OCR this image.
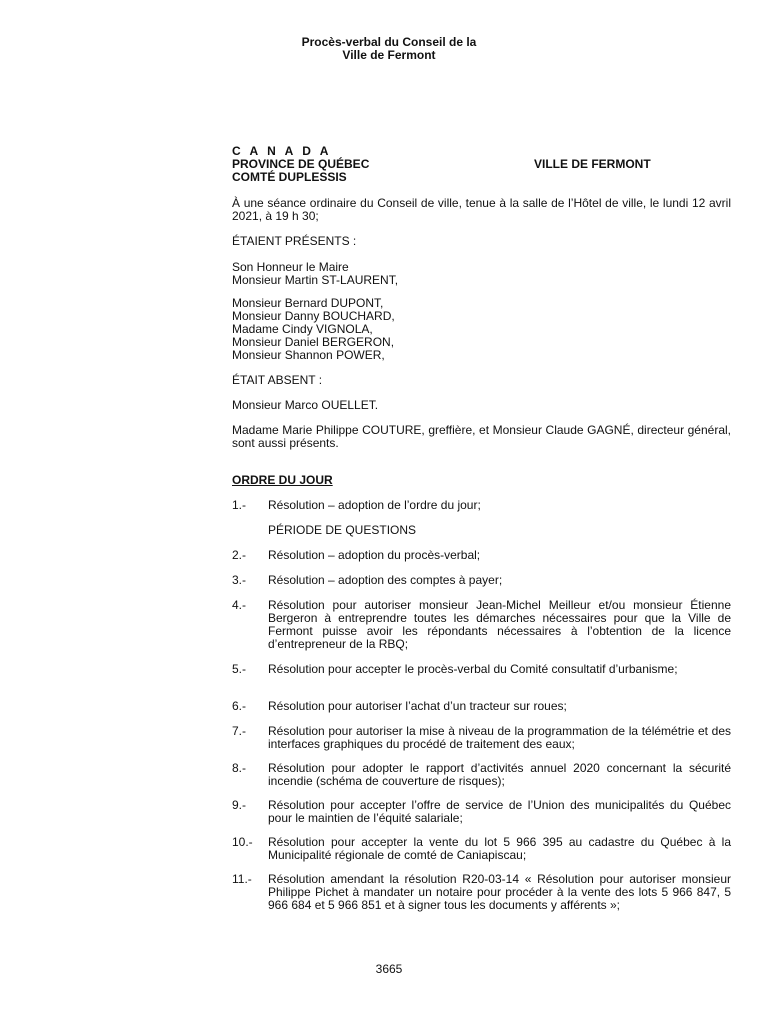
Procès-verbal du Conseil de la
Ville de Fermont
C A N A D A
PROVINCE DE QUÉBEC	VILLE DE FERMONT
COMTÉ DUPLESSIS
À une séance ordinaire du Conseil de ville, tenue à la salle de l’Hôtel de ville, le lundi 12 avril 2021, à 19 h 30;
ÉTAIENT PRÉSENTS :
Son Honneur le Maire
Monsieur Martin ST-LAURENT,
Monsieur Bernard DUPONT,
Monsieur Danny BOUCHARD,
Madame Cindy VIGNOLA,
Monsieur Daniel BERGERON,
Monsieur Shannon POWER,
ÉTAIT ABSENT :
Monsieur Marco OUELLET.
Madame Marie Philippe COUTURE, greffière, et Monsieur Claude GAGNÉ, directeur général, sont aussi présents.
ORDRE DU JOUR
1.- Résolution – adoption de l’ordre du jour;
PÉRIODE DE QUESTIONS
2.- Résolution – adoption du procès-verbal;
3.- Résolution – adoption des comptes à payer;
4.- Résolution pour autoriser monsieur Jean-Michel Meilleur et/ou monsieur Étienne Bergeron à entreprendre toutes les démarches nécessaires pour que la Ville de Fermont puisse avoir les répondants nécessaires à l’obtention de la licence d’entrepreneur de la RBQ;
5.- Résolution pour accepter le procès-verbal du Comité consultatif d’urbanisme;
6.- Résolution pour autoriser l’achat d’un tracteur sur roues;
7.- Résolution pour autoriser la mise à niveau de la programmation de la télémétrie et des interfaces graphiques du procédé de traitement des eaux;
8.- Résolution pour adopter le rapport d’activités annuel 2020 concernant la sécurité incendie (schéma de couverture de risques);
9.- Résolution pour accepter l’offre de service de l’Union des municipalités du Québec pour le maintien de l’équité salariale;
10.- Résolution pour accepter la vente du lot 5 966 395 au cadastre du Québec à la Municipalité régionale de comté de Caniapiscau;
11.- Résolution amendant la résolution R20-03-14 « Résolution pour autoriser monsieur Philippe Pichet à mandater un notaire pour procéder à la vente des lots 5 966 847, 5 966 684 et 5 966 851 et à signer tous les documents y afférents »;
3665
